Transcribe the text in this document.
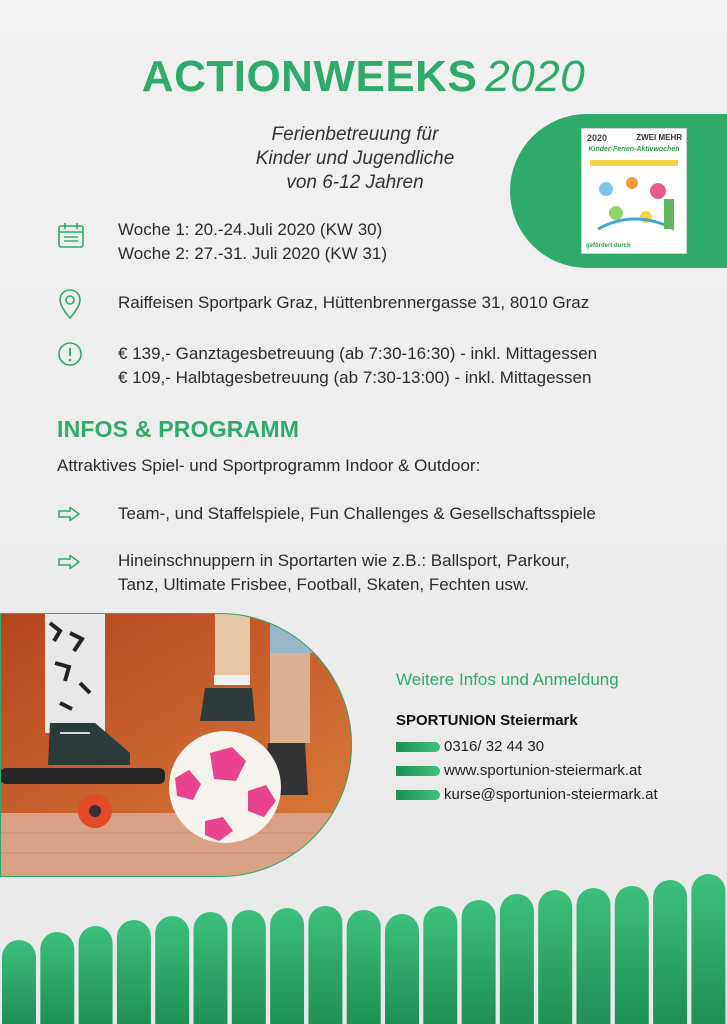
ACTIONWEEKS 2020
Ferienbetreuung für
Kinder und Jugendliche
von 6-12 Jahren
2020	ZWEI MEHR
Kinder-Ferien-Aktivwochen
gefördert durch
Woche 1: 20.-24.Juli 2020 (KW 30)
Woche 2: 27.-31. Juli 2020 (KW 31)
Raiffeisen Sportpark Graz, Hüttenbrennergasse 31, 8010 Graz
€ 139,- Ganztagesbetreuung (ab 7:30-16:30) - inkl. Mittagessen
€ 109,- Halbtagesbetreuung (ab 7:30-13:00) - inkl. Mittagessen
INFOS & PROGRAMM
Attraktives Spiel- und Sportprogramm Indoor & Outdoor:
Team-, und Staffelspiele, Fun Challenges & Gesellschaftsspiele
Hineinschnuppern in Sportarten wie z.B.: Ballsport, Parkour,
Tanz, Ultimate Frisbee, Football, Skaten, Fechten usw.
Weitere Infos und Anmeldung
SPORTUNION Steiermark
0316/ 32 44 30
www.sportunion-steiermark.at
kurse@sportunion-steiermark.at
